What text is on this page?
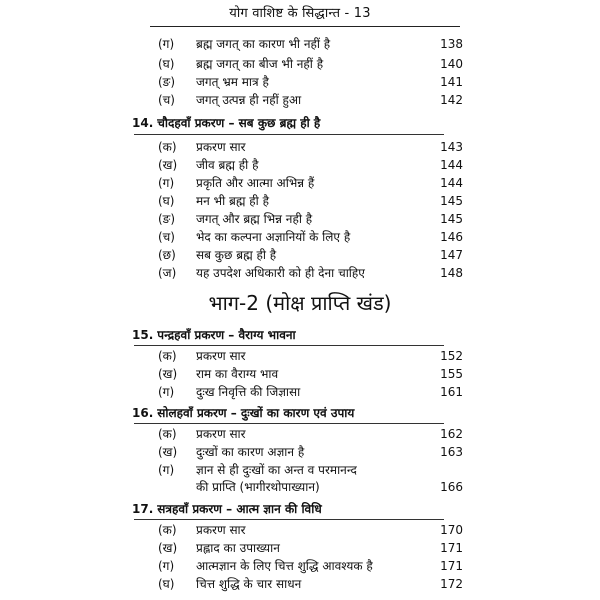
योग वाशिष्ट के सिद्धान्त - 13
(ग)	ब्रह्म जगत् का कारण भी नहीं है	138
(घ)	ब्रह्म जगत् का बीज भी नहीं है	140
(ङ)	जगत् भ्रम मात्र है	141
(च)	जगत् उत्पन्न ही नहीं हुआ	142
14. चौदहवाँ प्रकरण – सब कुछ ब्रह्म ही है
(क)	प्रकरण सार	143
(ख)	जीव ब्रह्म ही है	144
(ग)	प्रकृति और आत्मा अभिन्न हैं	144
(घ)	मन भी ब्रह्म ही है	145
(ङ)	जगत् और ब्रह्म भिन्न नही है	145
(च)	भेद का कल्पना अज्ञानियों के लिए है	146
(छ)	सब कुछ ब्रह्म ही है	147
(ज)	यह उपदेश अधिकारी को ही देना चाहिए	148
भाग-2 (मोक्ष प्राप्ति खंड)
15. पन्द्रहवाँ प्रकरण – वैराग्य भावना
(क)	प्रकरण सार	152
(ख)	राम का वैराग्य भाव	155
(ग)	दुःख निवृत्ति की जिज्ञासा	161
16. सोलहवाँ प्रकरण – दुःखों का कारण एवं उपाय
(क)	प्रकरण सार	162
(ख)	दुःखों का कारण अज्ञान है	163
(ग)	ज्ञान से ही दुःखों का अन्त व परमानन्द
की प्राप्ति (भागीरथोपाख्यान)	166
17. सत्रहवाँ प्रकरण – आत्म ज्ञान की विधि
(क)	प्रकरण सार	170
(ख)	प्रह्लाद का उपाख्यान	171
(ग)	आत्मज्ञान के लिए चित्त शुद्धि आवश्यक है	171
(घ)	चित्त शुद्धि के चार साधन	172
